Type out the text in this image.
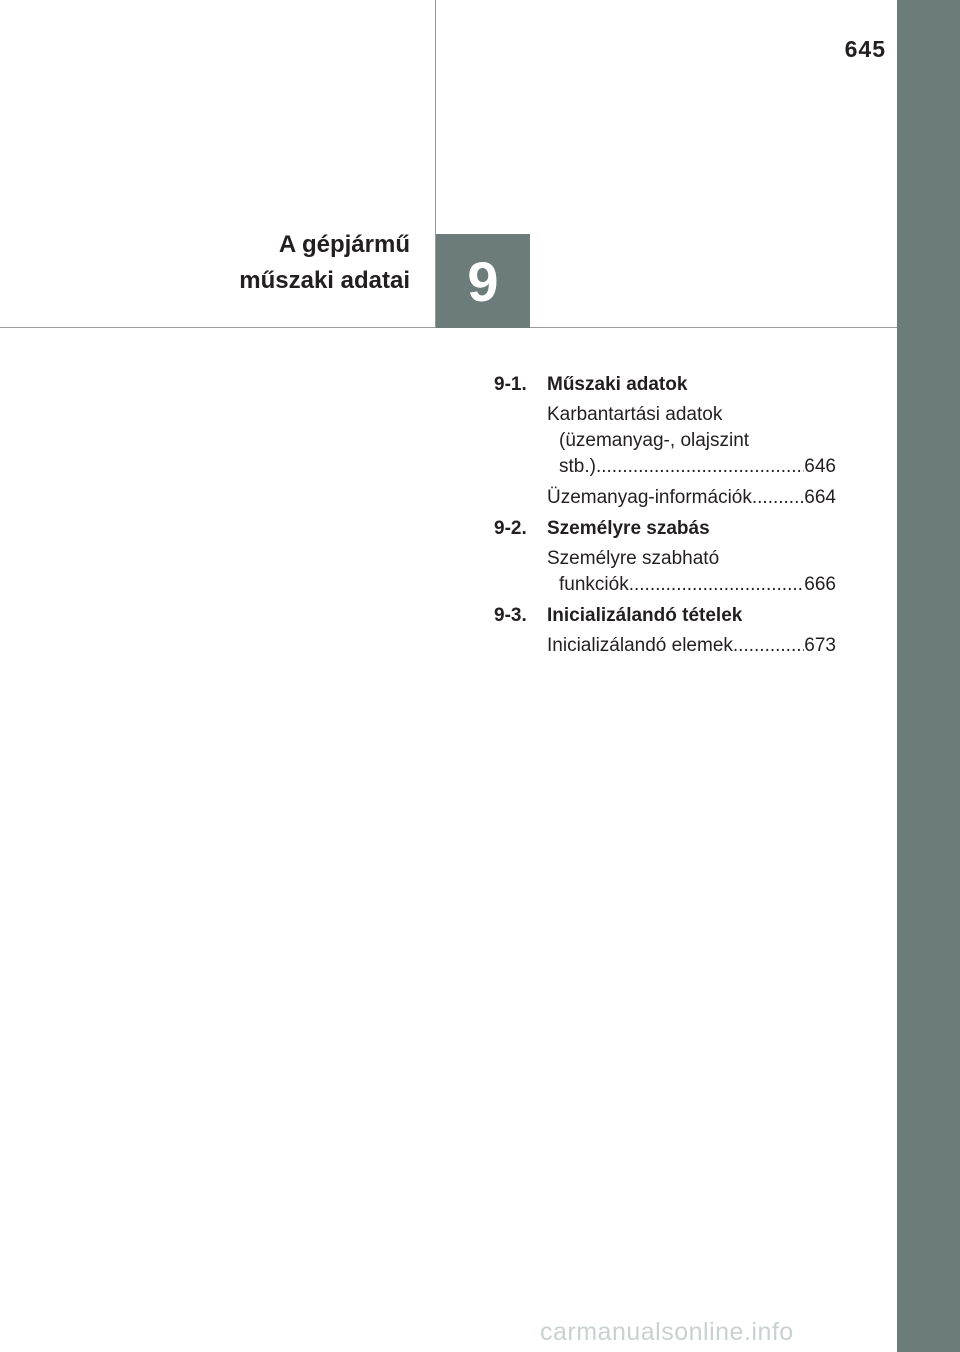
645
A gépjármű
műszaki adatai 9
9-1.	Műszaki adatok
Karbantartási adatok
(üzemanyag-, olajszint
stb.) .....	646
Üzemanyag-információk .....	664
9-2.	Személyre szabás
Személyre szabható
funkciók .....	666
9-3.	Inicializálandó tételek
Inicializálandó elemek .....	673
carmanualsonline.info
